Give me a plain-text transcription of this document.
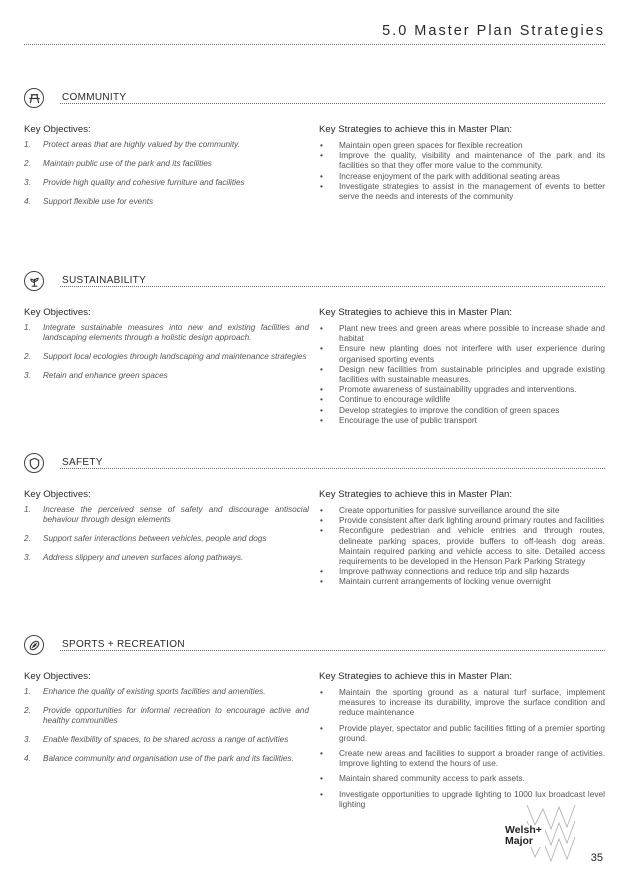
5.0 Master Plan Strategies
COMMUNITY
Key Objectives:
1. Protect areas that are highly valued by the community.
2. Maintain public use of the park and its facilities
3. Provide high quality and cohesive furniture and facilities
4. Support flexible use for events
Key Strategies to achieve this in Master Plan:
• Maintain open green spaces for flexible recreation
• Improve the quality, visibility and maintenance of the park and its facilities so that they offer more value to the community.
• Increase enjoyment of the park with additional seating areas
• Investigate strategies to assist in the management of events to better serve the needs and interests of the community
SUSTAINABILITY
Key Objectives:
1. Integrate sustainable measures into new and existing facilities and landscaping elements through a holistic design approach.
2. Support local ecologies through landscaping and maintenance strategies
3. Retain and enhance green spaces
Key Strategies to achieve this in Master Plan:
• Plant new trees and green areas where possible to increase shade and habitat
• Ensure new planting does not interfere with user experience during organised sporting events
• Design new facilities from sustainable principles and upgrade existing facilities with sustainable measures.
• Promote awareness of sustainability upgrades and interventions.
• Continue to encourage wildlife
• Develop strategies to improve the condition of green spaces
• Encourage the use of public transport
SAFETY
Key Objectives:
1. Increase the perceived sense of safety and discourage antisocial behaviour through design elements
2. Support safer interactions between vehicles, people and dogs
3. Address slippery and uneven surfaces along pathways.
Key Strategies to achieve this in Master Plan:
• Create opportunities for passive surveillance around the site
• Provide consistent after dark lighting around primary routes and facilities
• Reconfigure pedestrian and vehicle entries and through routes, delineate parking spaces, provide buffers to off-leash dog areas. Maintain required parking and vehicle access to site. Detailed access requirements to be developed in the Henson Park Parking Strategy
• Improve pathway connections and reduce trip and slip hazards
• Maintain current arrangements of locking venue overnight
SPORTS + RECREATION
Key Objectives:
1. Enhance the quality of existing sports facilities and amenities.
2. Provide opportunities for informal recreation to encourage active and healthy communities
3. Enable flexibility of spaces, to be shared across a range of activities
4. Balance community and organisation use of the park and its facilities.
Key Strategies to achieve this in Master Plan:
• Maintain the sporting ground as a natural turf surface, implement measures to increase its durability, improve the surface condition and reduce maintenance
• Provide player, spectator and public facilities fitting of a premier sporting ground.
• Create new areas and facilities to support a broader range of activities. Improve lighting to extend the hours of use.
• Maintain shared community access to park assets.
• Investigate opportunities to upgrade lighting to 1000 lux broadcast level lighting
Welsh+
Major
35
